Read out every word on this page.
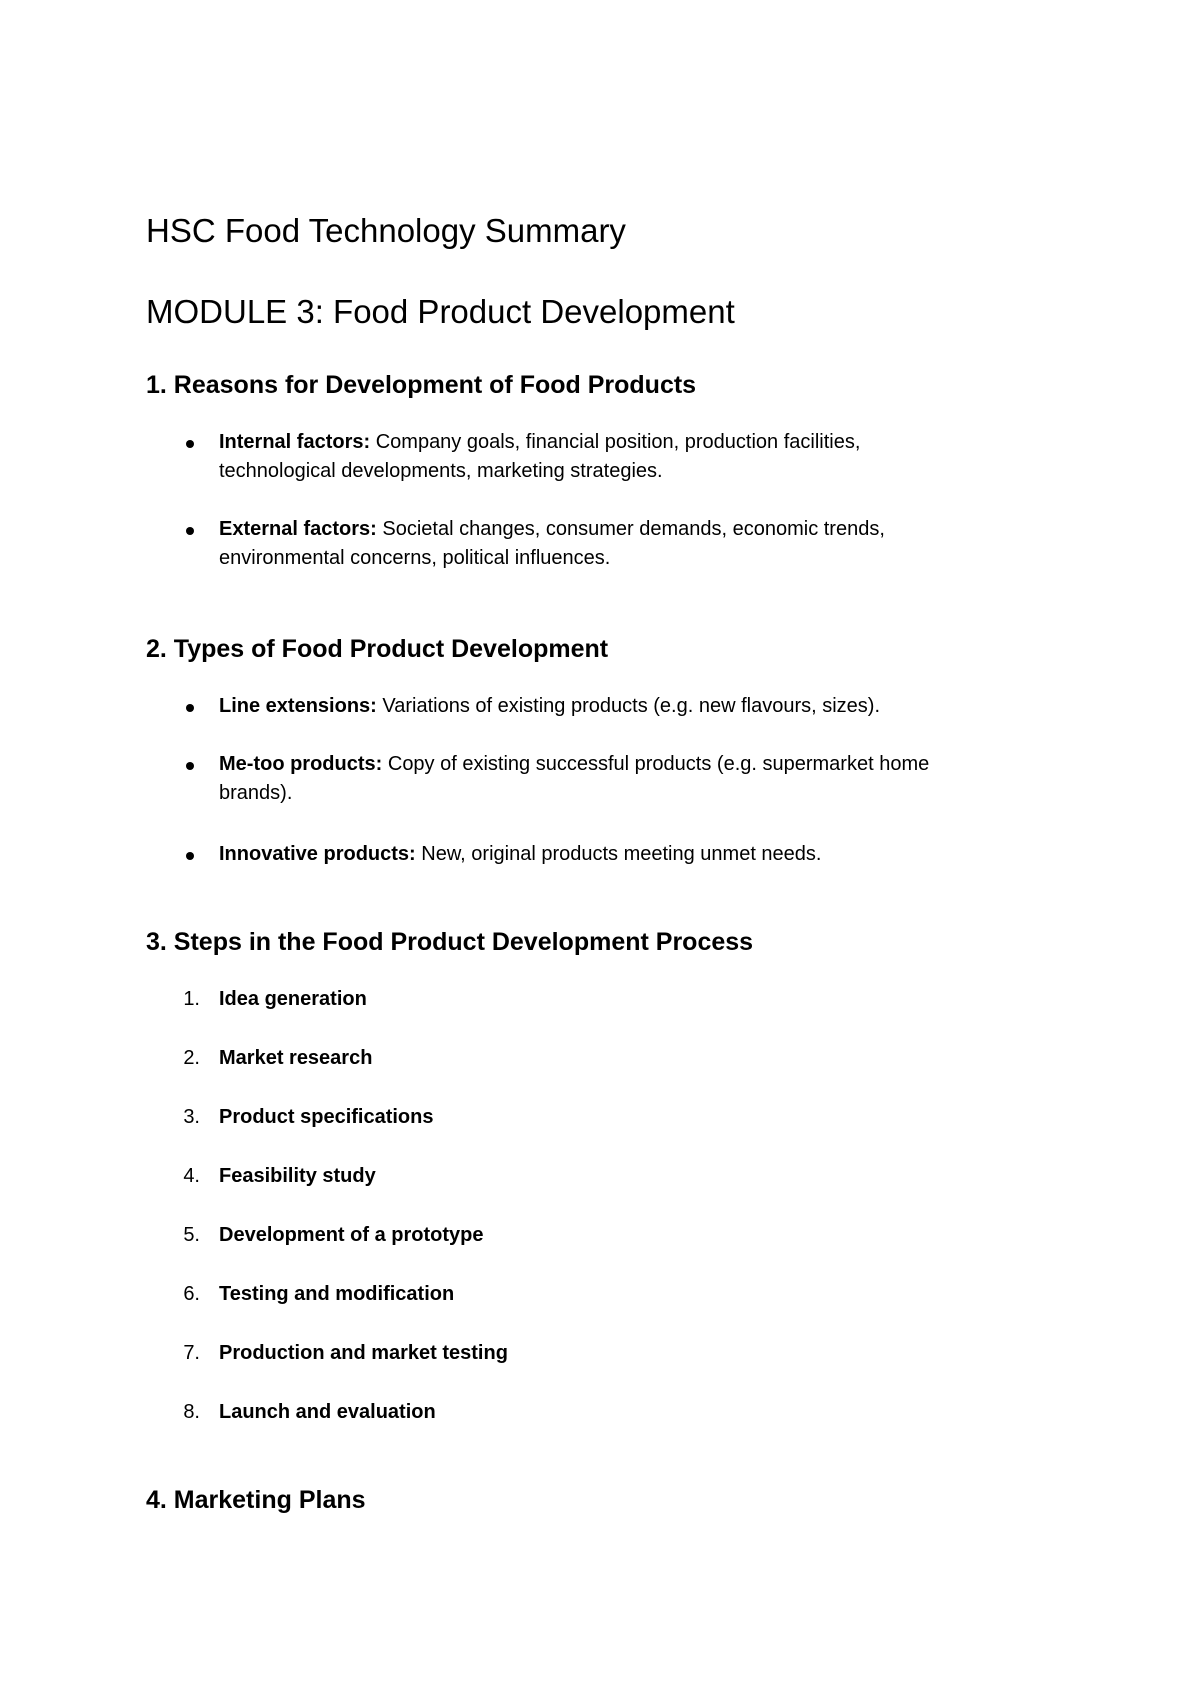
HSC Food Technology Summary
MODULE 3: Food Product Development
1. Reasons for Development of Food Products
Internal factors: Company goals, financial position, production facilities,
technological developments, marketing strategies.
External factors: Societal changes, consumer demands, economic trends,
environmental concerns, political influences.
2. Types of Food Product Development
Line extensions: Variations of existing products (e.g. new flavours, sizes).
Me-too products: Copy of existing successful products (e.g. supermarket home
brands).
Innovative products: New, original products meeting unmet needs.
3. Steps in the Food Product Development Process
1. Idea generation
2. Market research
3. Product specifications
4. Feasibility study
5. Development of a prototype
6. Testing and modification
7. Production and market testing
8. Launch and evaluation
4. Marketing Plans
